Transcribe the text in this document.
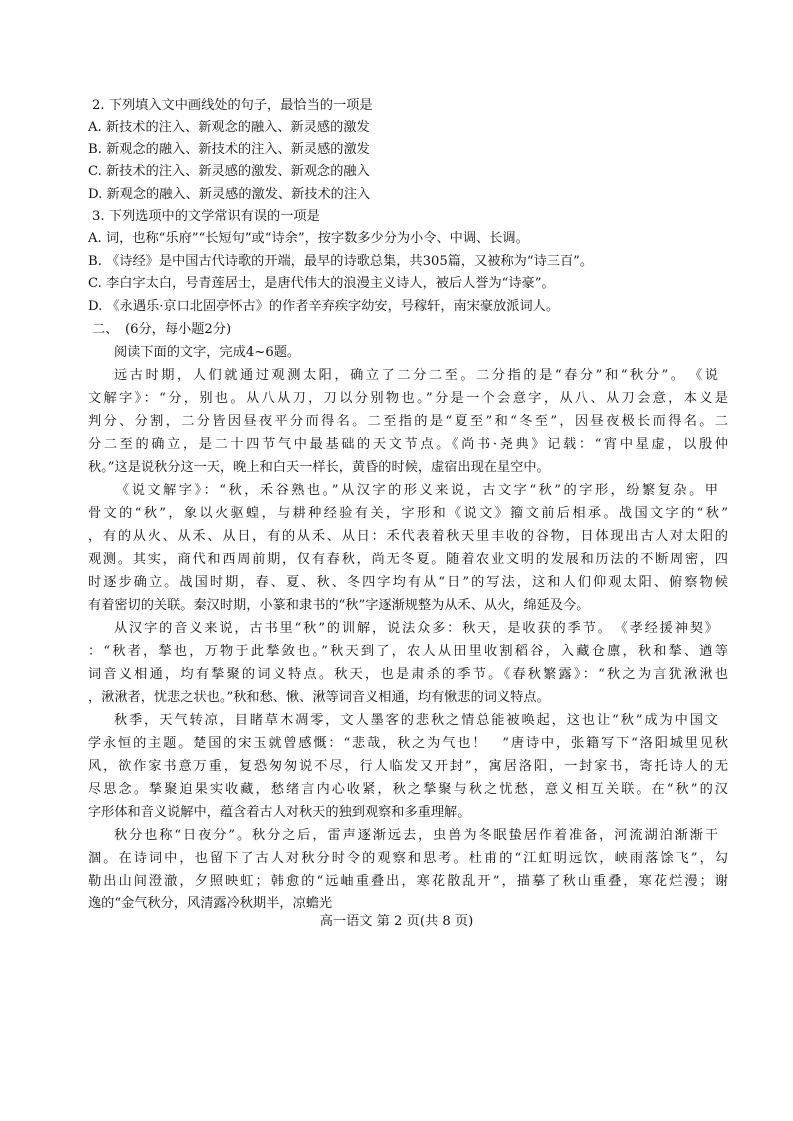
2. 下列填入文中画线处的句子，最恰当的一项是
A. 新技术的注入、新观念的融入、新灵感的激发
B. 新观念的融入、新技术的注入、新灵感的激发
C. 新技术的注入、新灵感的激发、新观念的融入
D. 新观念的融入、新灵感的激发、新技术的注入
3. 下列选项中的文学常识有误的一项是
A. 词，也称“乐府”“长短句”或“诗余”，按字数多少分为小令、中调、长调。
B. 《诗经》是中国古代诗歌的开端，最早的诗歌总集，共305篇，又被称为“诗三百”。
C. 李白字太白，号青莲居士，是唐代伟大的浪漫主义诗人，被后人誉为“诗豪”。
D. 《永遇乐·京口北固亭怀古》的作者辛弃疾字幼安，号稼轩，南宋豪放派词人。
二、　(6分，每小题2分)
阅读下面的文字，完成4~6题。
远古时期，人们就通过观测太阳，确立了二分二至。二分指的是“春分”和“秋分”。　《说
文解字》：“分，别也。从八从刀，刀以分别物也。”分是一个会意字，从八、从刀会意，本义是
判分、分割，二分皆因昼夜平分而得名。二至指的是“夏至”和“冬至”，因昼夜极长而得名。二
分二至的确立，是二十四节气中最基础的天文节点。《尚书·尧典》记载：“宵中星虚，以殷仲
秋。”这是说秋分这一天，晚上和白天一样长，黄昏的时候，虚宿出现在星空中。
《说文解字》：“秋，禾谷熟也。”从汉字的形义来说，古文字“秋”的字形，纷繁复杂。甲
骨文的“秋”，象以火驱蝗，与耕种经验有关，字形和《说文》籀文前后相承。战国文字的“秋”
，有的从火、从禾、从日，有的从禾、从日：禾代表着秋天里丰收的谷物，日体现出古人对太阳的
观测。其实，商代和西周前期，仅有春秋，尚无冬夏。随着农业文明的发展和历法的不断周密，四
时逐步确立。战国时期，春、夏、秋、冬四字均有从“日”的写法，这和人们仰观太阳、俯察物候
有着密切的关联。秦汉时期，小篆和隶书的“秋”字逐渐规整为从禾、从火，绵延及今。
从汉字的音义来说，古书里“秋”的训解，说法众多：秋天，是收获的季节。　《孝经援神契》
：“秋者，揫也，万物于此揫敛也。”秋天到了，农人从田里收割稻谷，入藏仓廪，秋和揫、遒等
词音义相通，均有揫聚的词义特点。秋天，也是肃杀的季节。《春秋繁露》：“秋之为言犹湫湫也
，湫湫者，忧悲之状也。”秋和愁、愀、湫等词音义相通，均有愀悲的词义特点。
秋季，天气转凉，目睹草木凋零，文人墨客的悲秋之情总能被唤起，这也让“秋”成为中国文
学永恒的主题。楚国的宋玉就曾感慨：“悲哉，秋之为气也！　”唐诗中，张籍写下“洛阳城里见秋
风，欲作家书意万重，复恐匆匆说不尽，行人临发又开封”，寓居洛阳，一封家书，寄托诗人的无
尽思念。揫聚迫果实收藏，愁绪言内心收紧，秋之揫聚与秋之忧愁，意义相互关联。在“秋”的汉
字形体和音义说解中，蕴含着古人对秋天的独到观察和多重理解。
秋分也称“日夜分”。秋分之后，雷声逐渐远去，虫兽为冬眠蛰居作着准备，河流湖泊渐渐干
涸。在诗词中，也留下了古人对秋分时令的观察和思考。杜甫的“江虹明远饮，峡雨落馀飞”，勾
勒出山间澄澈，夕照映虹；韩愈的“远岫重叠出，寒花散乱开”，描摹了秋山重叠，寒花烂漫；谢
逸的“金气秋分，风清露冷秋期半，凉蟾光
高一语文 第 2 页(共 8 页)
